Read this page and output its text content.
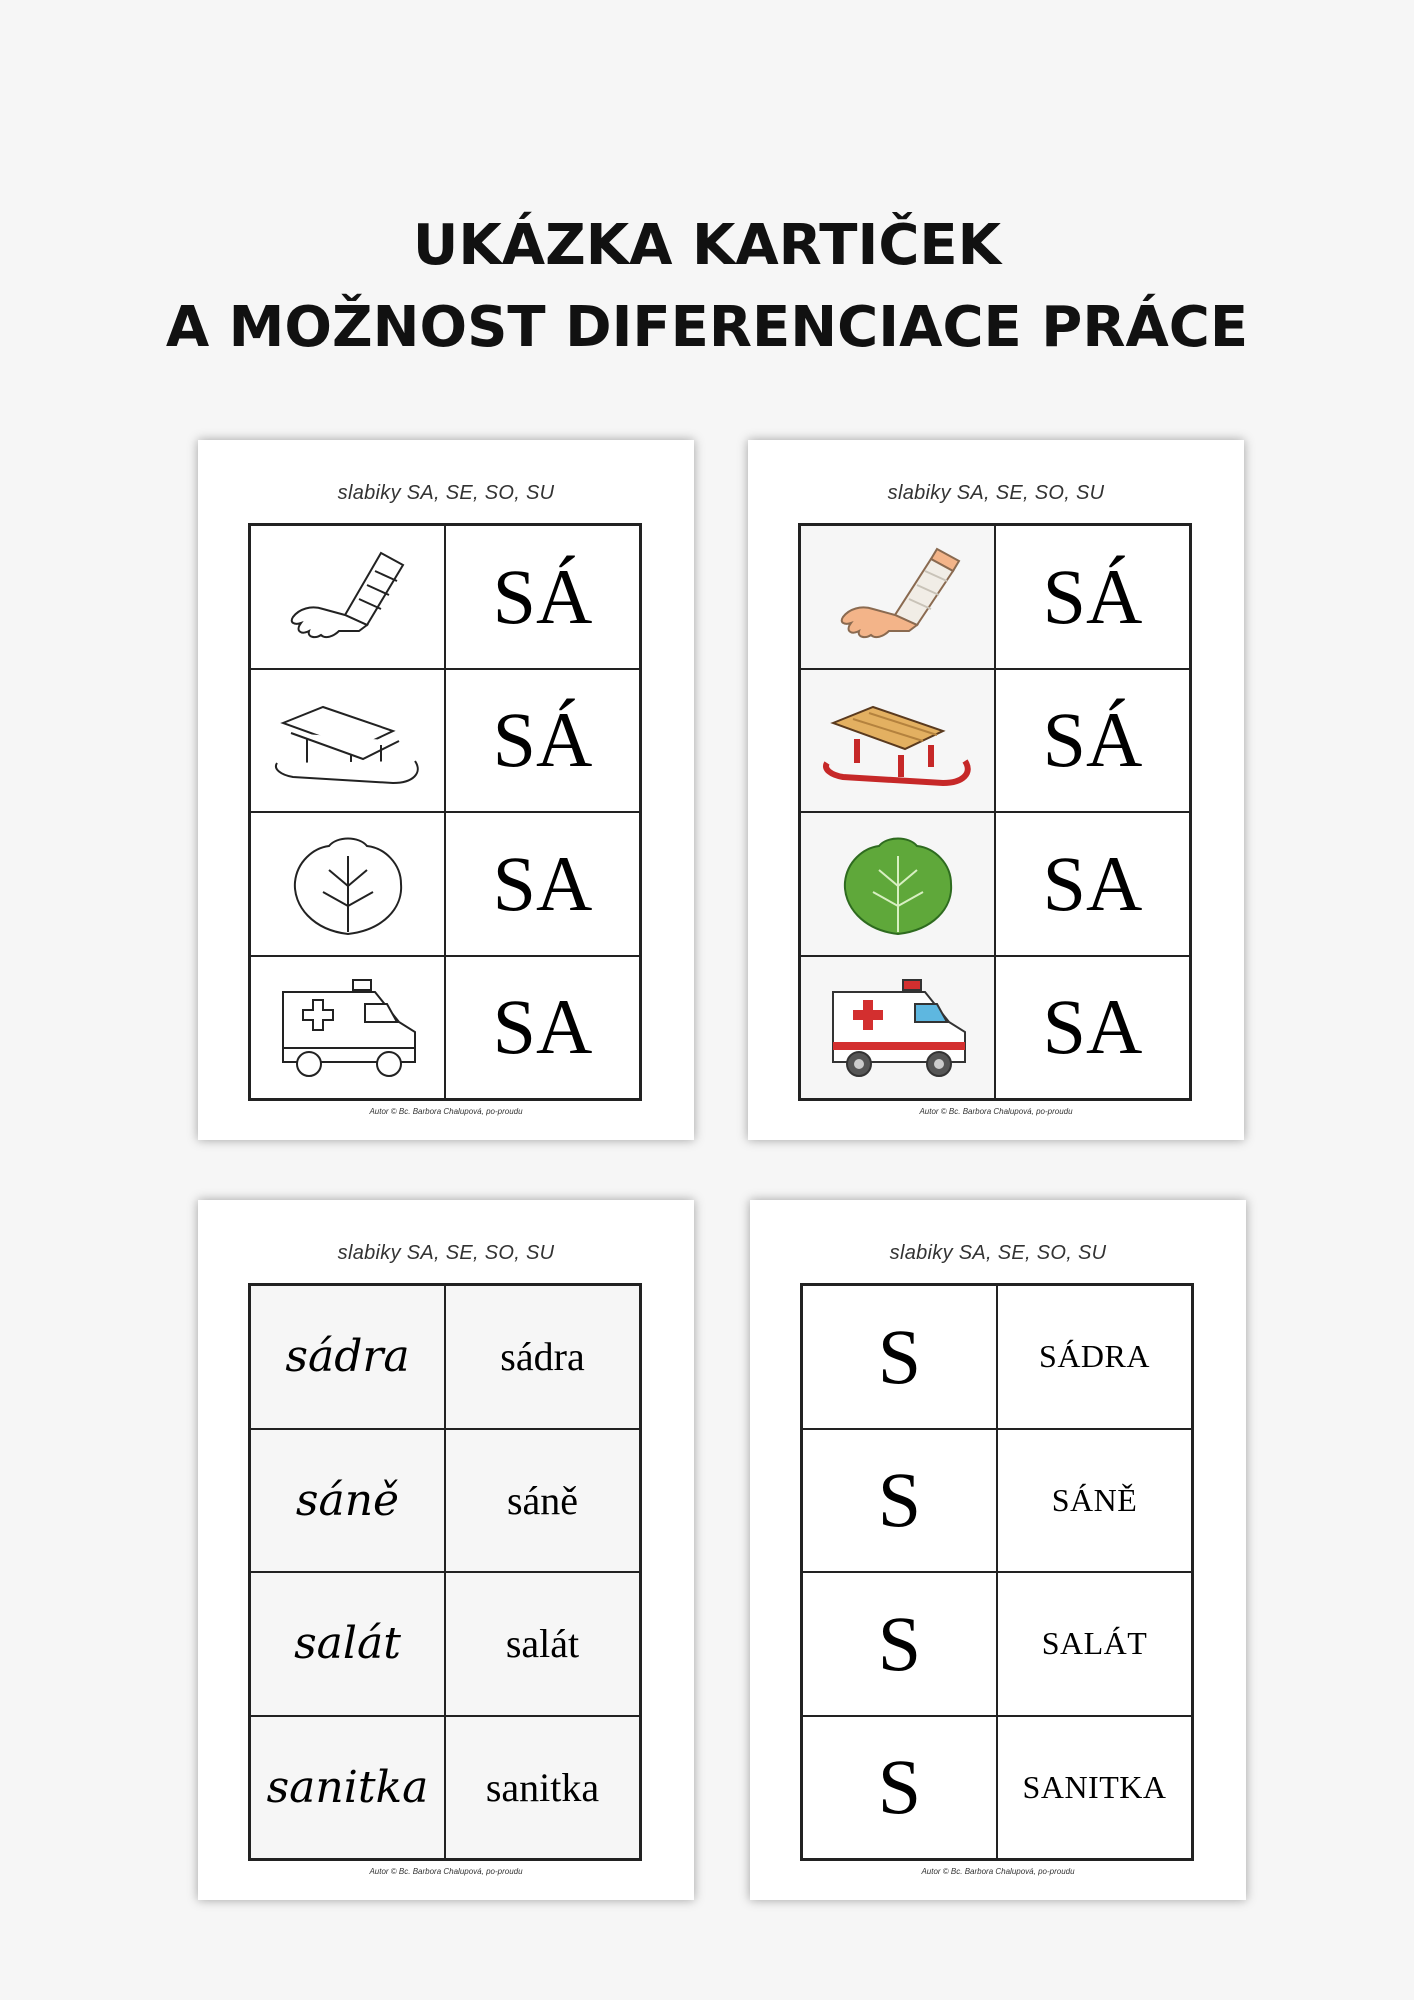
UKÁZKA KARTIČEK
A MOŽNOST DIFERENCIACE PRÁCE
slabiky SA, SE, SO, SU
SÁ
SÁ
SA
SA
Autor © Bc. Barbora Chalupová, po-proudu
slabiky SA, SE, SO, SU
SÁ
SÁ
SA
SA
Autor © Bc. Barbora Chalupová, po-proudu
slabiky SA, SE, SO, SU
sádra sádra
sáně	sáně
salát	salát
sanitka sanitka
Autor © Bc. Barbora Chalupová, po-proudu
slabiky SA, SE, SO, SU
S	SÁDRA
S	SÁNĚ
S	SALÁT
S	SANITKA
Autor © Bc. Barbora Chalupová, po-proudu
